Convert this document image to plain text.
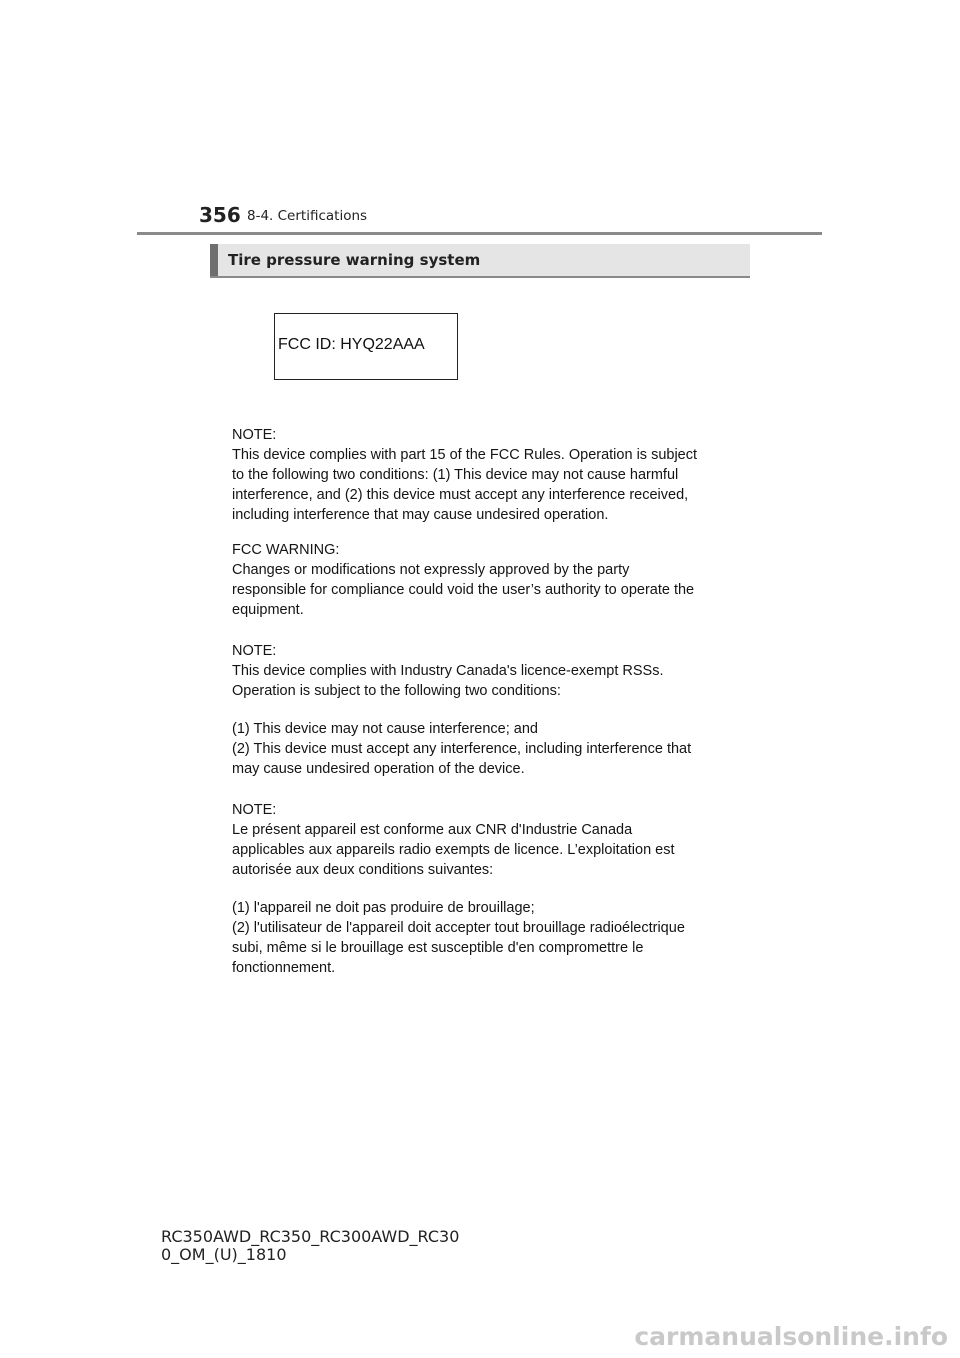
356 8-4. Certifications
Tire pressure warning system
FCC ID: HYQ22AAA
NOTE:
This device complies with part 15 of the FCC Rules. Operation is subject
to the following two conditions: (1) This device may not cause harmful
interference, and (2) this device must accept any interference received,
including interference that may cause undesired operation.
FCC WARNING:
Changes or modifications not expressly approved by the party
responsible for compliance could void the user’s authority to operate the
equipment.
NOTE:
This device complies with Industry Canada's licence-exempt RSSs.
Operation is subject to the following two conditions:
(1) This device may not cause interference; and
(2) This device must accept any interference, including interference that
may cause undesired operation of the device.
NOTE:
Le présent appareil est conforme aux CNR d'Industrie Canada
applicables aux appareils radio exempts de licence. L’exploitation est
autorisée aux deux conditions suivantes:
(1) l'appareil ne doit pas produire de brouillage;
(2) l'utilisateur de l'appareil doit accepter tout brouillage radioélectrique
subi, même si le brouillage est susceptible d'en compromettre le
fonctionnement.
RC350AWD_RC350_RC300AWD_RC30
0_OM_(U)_1810
carmanualsonline.info
